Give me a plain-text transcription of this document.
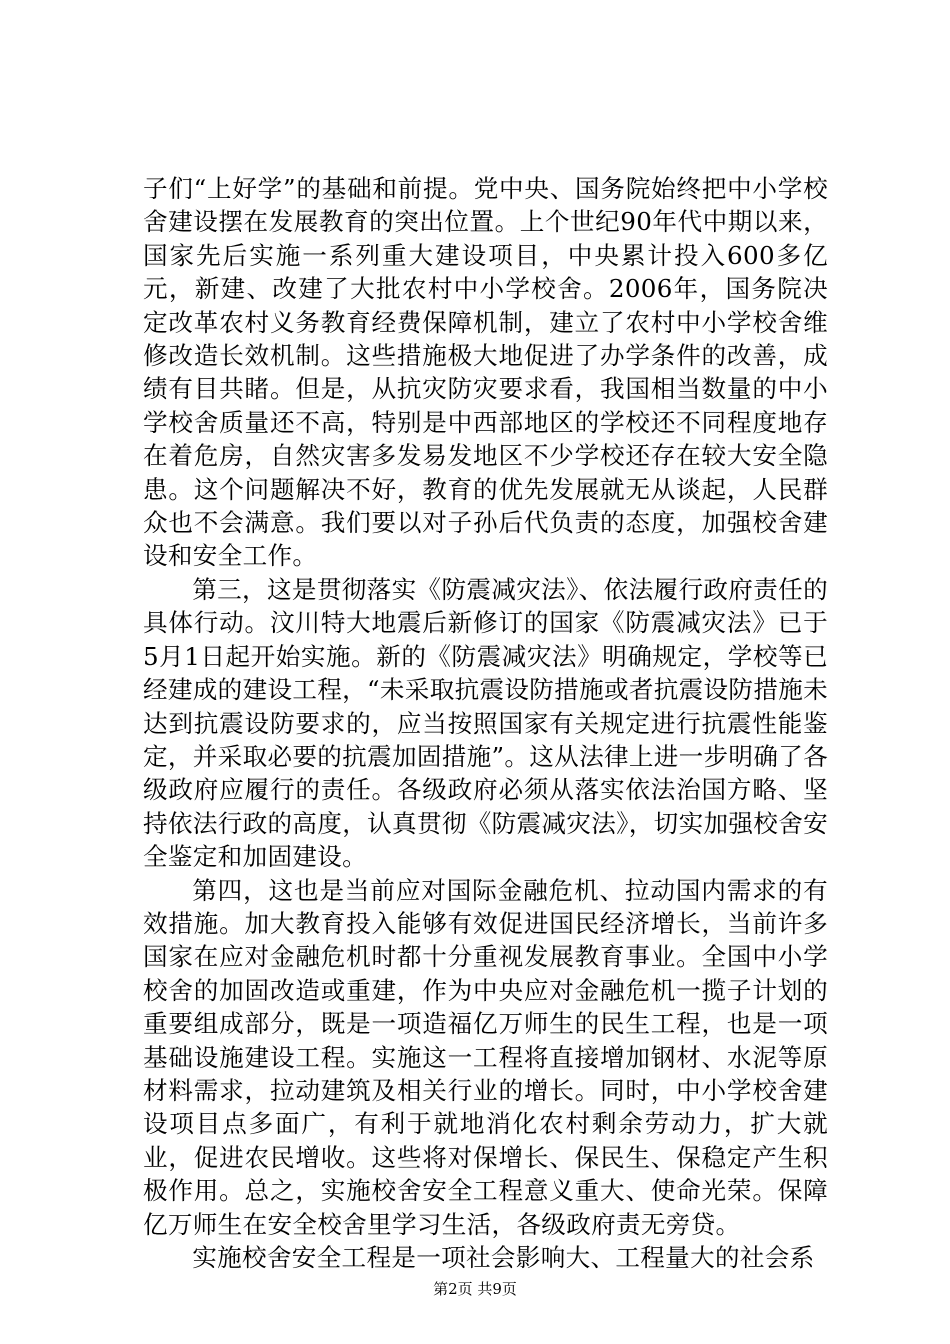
子们“上好学”的基础和前提。党中央、国务院始终把中小学校舍建设摆在发展教育的突出位置。上个世纪90年代中期以来，国家先后实施一系列重大建设项目，中央累计投入600多亿元，新建、改建了大批农村中小学校舍。2006年，国务院决定改革农村义务教育经费保障机制，建立了农村中小学校舍维修改造长效机制。这些措施极大地促进了办学条件的改善，成绩有目共睹。但是，从抗灾防灾要求看，我国相当数量的中小学校舍质量还不高，特别是中西部地区的学校还不同程度地存在着危房，自然灾害多发易发地区不少学校还存在较大安全隐患。这个问题解决不好，教育的优先发展就无从谈起，人民群众也不会满意。我们要以对子孙后代负责的态度，加强校舍建设和安全工作。

第三，这是贯彻落实《防震减灾法》、依法履行政府责任的具体行动。汶川特大地震后新修订的国家《防震减灾法》已于5月1日起开始实施。新的《防震减灾法》明确规定，学校等已经建成的建设工程，“未采取抗震设防措施或者抗震设防措施未达到抗震设防要求的，应当按照国家有关规定进行抗震性能鉴定，并采取必要的抗震加固措施”。这从法律上进一步明确了各级政府应履行的责任。各级政府必须从落实依法治国方略、坚持依法行政的高度，认真贯彻《防震减灾法》，切实加强校舍安全鉴定和加固建设。

第四，这也是当前应对国际金融危机、拉动国内需求的有效措施。加大教育投入能够有效促进国民经济增长，当前许多国家在应对金融危机时都十分重视发展教育事业。全国中小学校舍的加固改造或重建，作为中央应对金融危机一揽子计划的重要组成部分，既是一项造福亿万师生的民生工程，也是一项基础设施建设工程。实施这一工程将直接增加钢材、水泥等原材料需求，拉动建筑及相关行业的增长。同时，中小学校舍建设项目点多面广，有利于就地消化农村剩余劳动力，扩大就业，促进农民增收。这些将对保增长、保民生、保稳定产生积极作用。总之，实施校舍安全工程意义重大、使命光荣。保障亿万师生在安全校舍里学习生活，各级政府责无旁贷。

实施校舍安全工程是一项社会影响大、工程量大的社会系

第2页 共9页
